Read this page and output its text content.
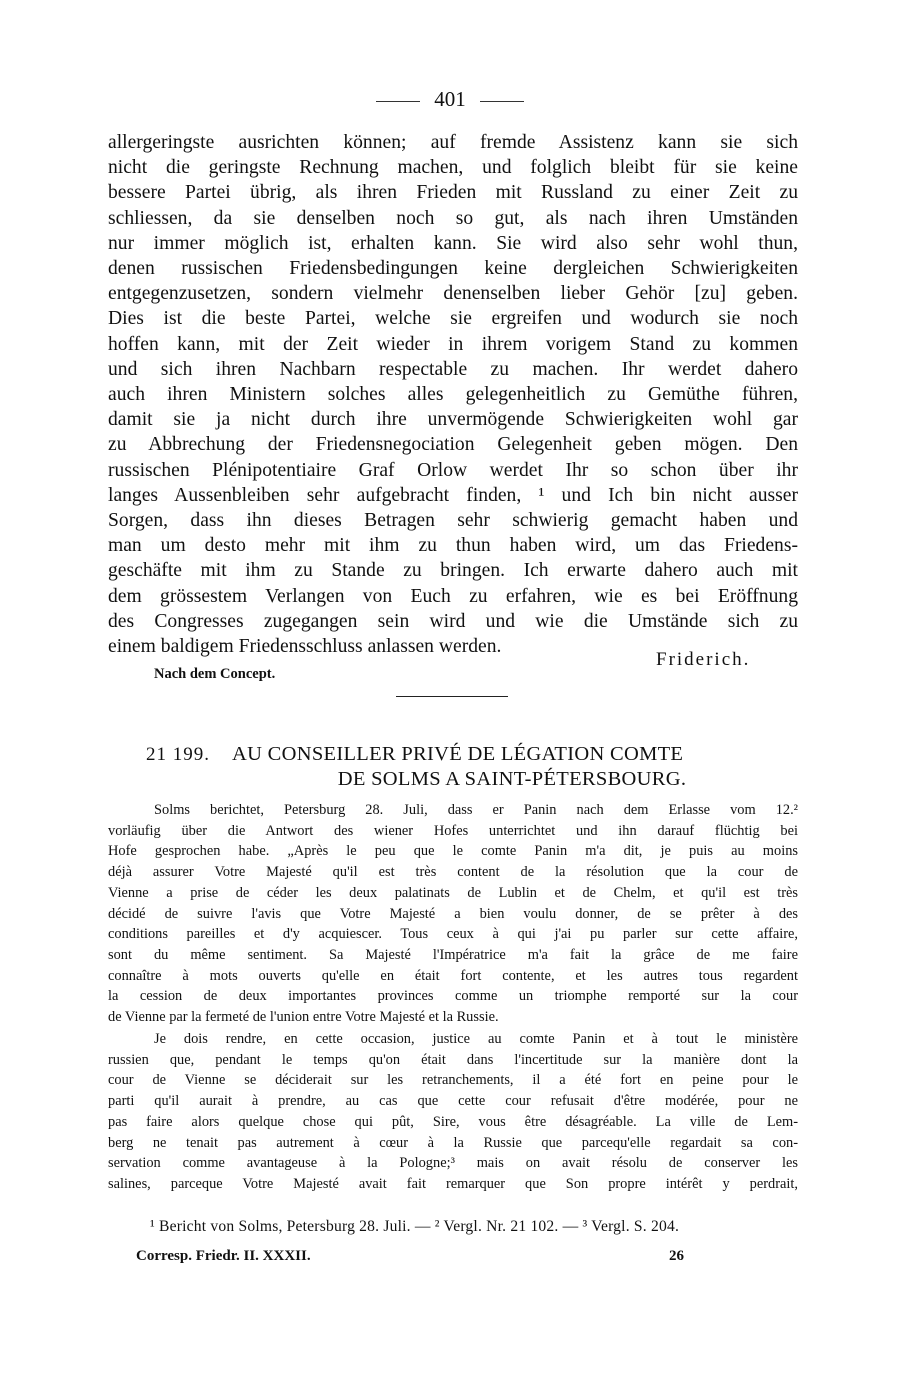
401
allergeringste ausrichten können; auf fremde Assistenz kann sie sich
nicht die geringste Rechnung machen, und folglich bleibt für sie keine
bessere Partei übrig, als ihren Frieden mit Russland zu einer Zeit zu
schliessen, da sie denselben noch so gut, als nach ihren Umständen
nur immer möglich ist, erhalten kann. Sie wird also sehr wohl thun,
denen russischen Friedensbedingungen keine dergleichen Schwierigkeiten
entgegenzusetzen, sondern vielmehr denenselben lieber Gehör [zu] geben.
Dies ist die beste Partei, welche sie ergreifen und wodurch sie noch
hoffen kann, mit der Zeit wieder in ihrem vorigem Stand zu kommen
und sich ihren Nachbarn respectable zu machen. Ihr werdet dahero
auch ihren Ministern solches alles gelegenheitlich zu Gemüthe führen,
damit sie ja nicht durch ihre unvermögende Schwierigkeiten wohl gar
zu Abbrechung der Friedensnegociation Gelegenheit geben mögen. Den
russischen Plénipotentiaire Graf Orlow werdet Ihr so schon über ihr
langes Aussenbleiben sehr aufgebracht finden, ¹ und Ich bin nicht ausser
Sorgen, dass ihn dieses Betragen sehr schwierig gemacht haben und
man um desto mehr mit ihm zu thun haben wird, um das Friedens-
geschäfte mit ihm zu Stande zu bringen. Ich erwarte dahero auch mit
dem grössestem Verlangen von Euch zu erfahren, wie es bei Eröffnung
des Congresses zugegangen sein wird und wie die Umstände sich zu
einem baldigem Friedensschluss anlassen werden.
Friderich.
Nach dem Concept.
21 199. AU CONSEILLER PRIVÉ DE LÉGATION COMTE
DE SOLMS A SAINT-PÉTERSBOURG.
Solms berichtet, Petersburg 28. Juli, dass er Panin nach dem Erlasse vom 12.²
vorläufig über die Antwort des wiener Hofes unterrichtet und ihn darauf flüchtig bei
Hofe gesprochen habe. „Après le peu que le comte Panin m'a dit, je puis au moins
déjà assurer Votre Majesté qu'il est très content de la résolution que la cour de
Vienne a prise de céder les deux palatinats de Lublin et de Chelm, et qu'il est très
décidé de suivre l'avis que Votre Majesté a bien voulu donner, de se prêter à des
conditions pareilles et d'y acquiescer. Tous ceux à qui j'ai pu parler sur cette affaire,
sont du même sentiment. Sa Majesté l'Impératrice m'a fait la grâce de me faire
connaître à mots ouverts qu'elle en était fort contente, et les autres tous regardent
la cession de deux importantes provinces comme un triomphe remporté sur la cour
de Vienne par la fermeté de l'union entre Votre Majesté et la Russie.
Je dois rendre, en cette occasion, justice au comte Panin et à tout le ministère
russien que, pendant le temps qu'on était dans l'incertitude sur la manière dont la
cour de Vienne se déciderait sur les retranchements, il a été fort en peine pour le
parti qu'il aurait à prendre, au cas que cette cour refusait d'être modérée, pour ne
pas faire alors quelque chose qui pût, Sire, vous être désagréable. La ville de Lem-
berg ne tenait pas autrement à cœur à la Russie que parcequ'elle regardait sa con-
servation comme avantageuse à la Pologne;³ mais on avait résolu de conserver les
salines, parceque Votre Majesté avait fait remarquer que Son propre intérêt y perdrait,
¹ Bericht von Solms, Petersburg 28. Juli. — ² Vergl. Nr. 21 102. — ³ Vergl. S. 204.
Corresp. Friedr. II. XXXII.	26
